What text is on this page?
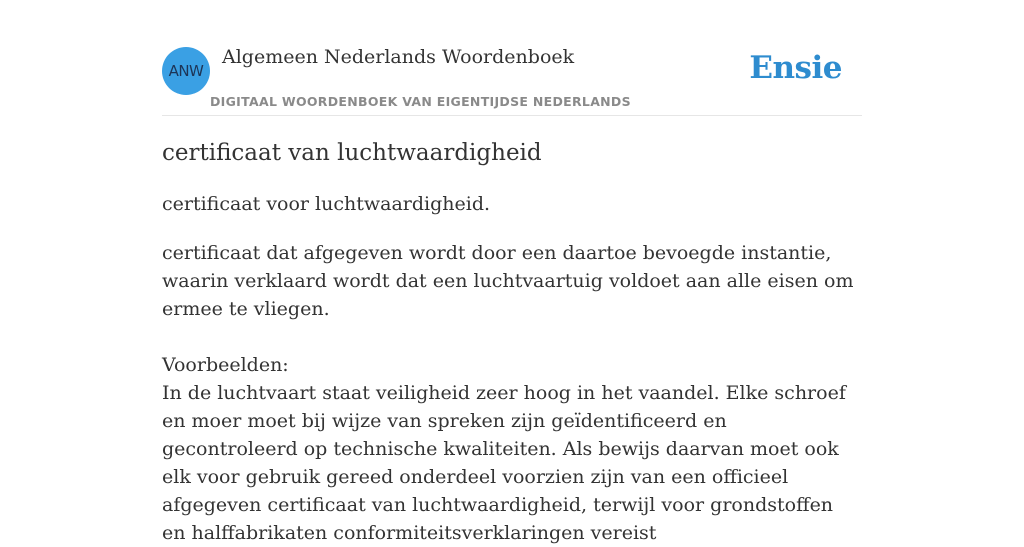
ANW
Algemeen Nederlands Woordenboek
DIGITAAL WOORDENBOEK VAN EIGENTIJDSE NEDERLANDS
Ensie
certificaat van luchtwaardigheid
certificaat voor luchtwaardigheid.

certificaat dat afgegeven wordt door een daartoe bevoegde instantie, waarin verklaard wordt dat een luchtvaartuig voldoet aan alle eisen om ermee te vliegen.

Voorbeelden:

In de luchtvaart staat veiligheid zeer hoog in het vaandel. Elke schroef en moer moet bij wijze van spreken zijn geïdentificeerd en gecontroleerd op technische kwaliteiten. Als bewijs daarvan moet ook elk voor gebruik gereed onderdeel voorzien zijn van een officieel afgegeven certificaat van luchtwaardigheid, terwijl voor grondstoffen en halffabrikaten conformiteitsverklaringen vereist
